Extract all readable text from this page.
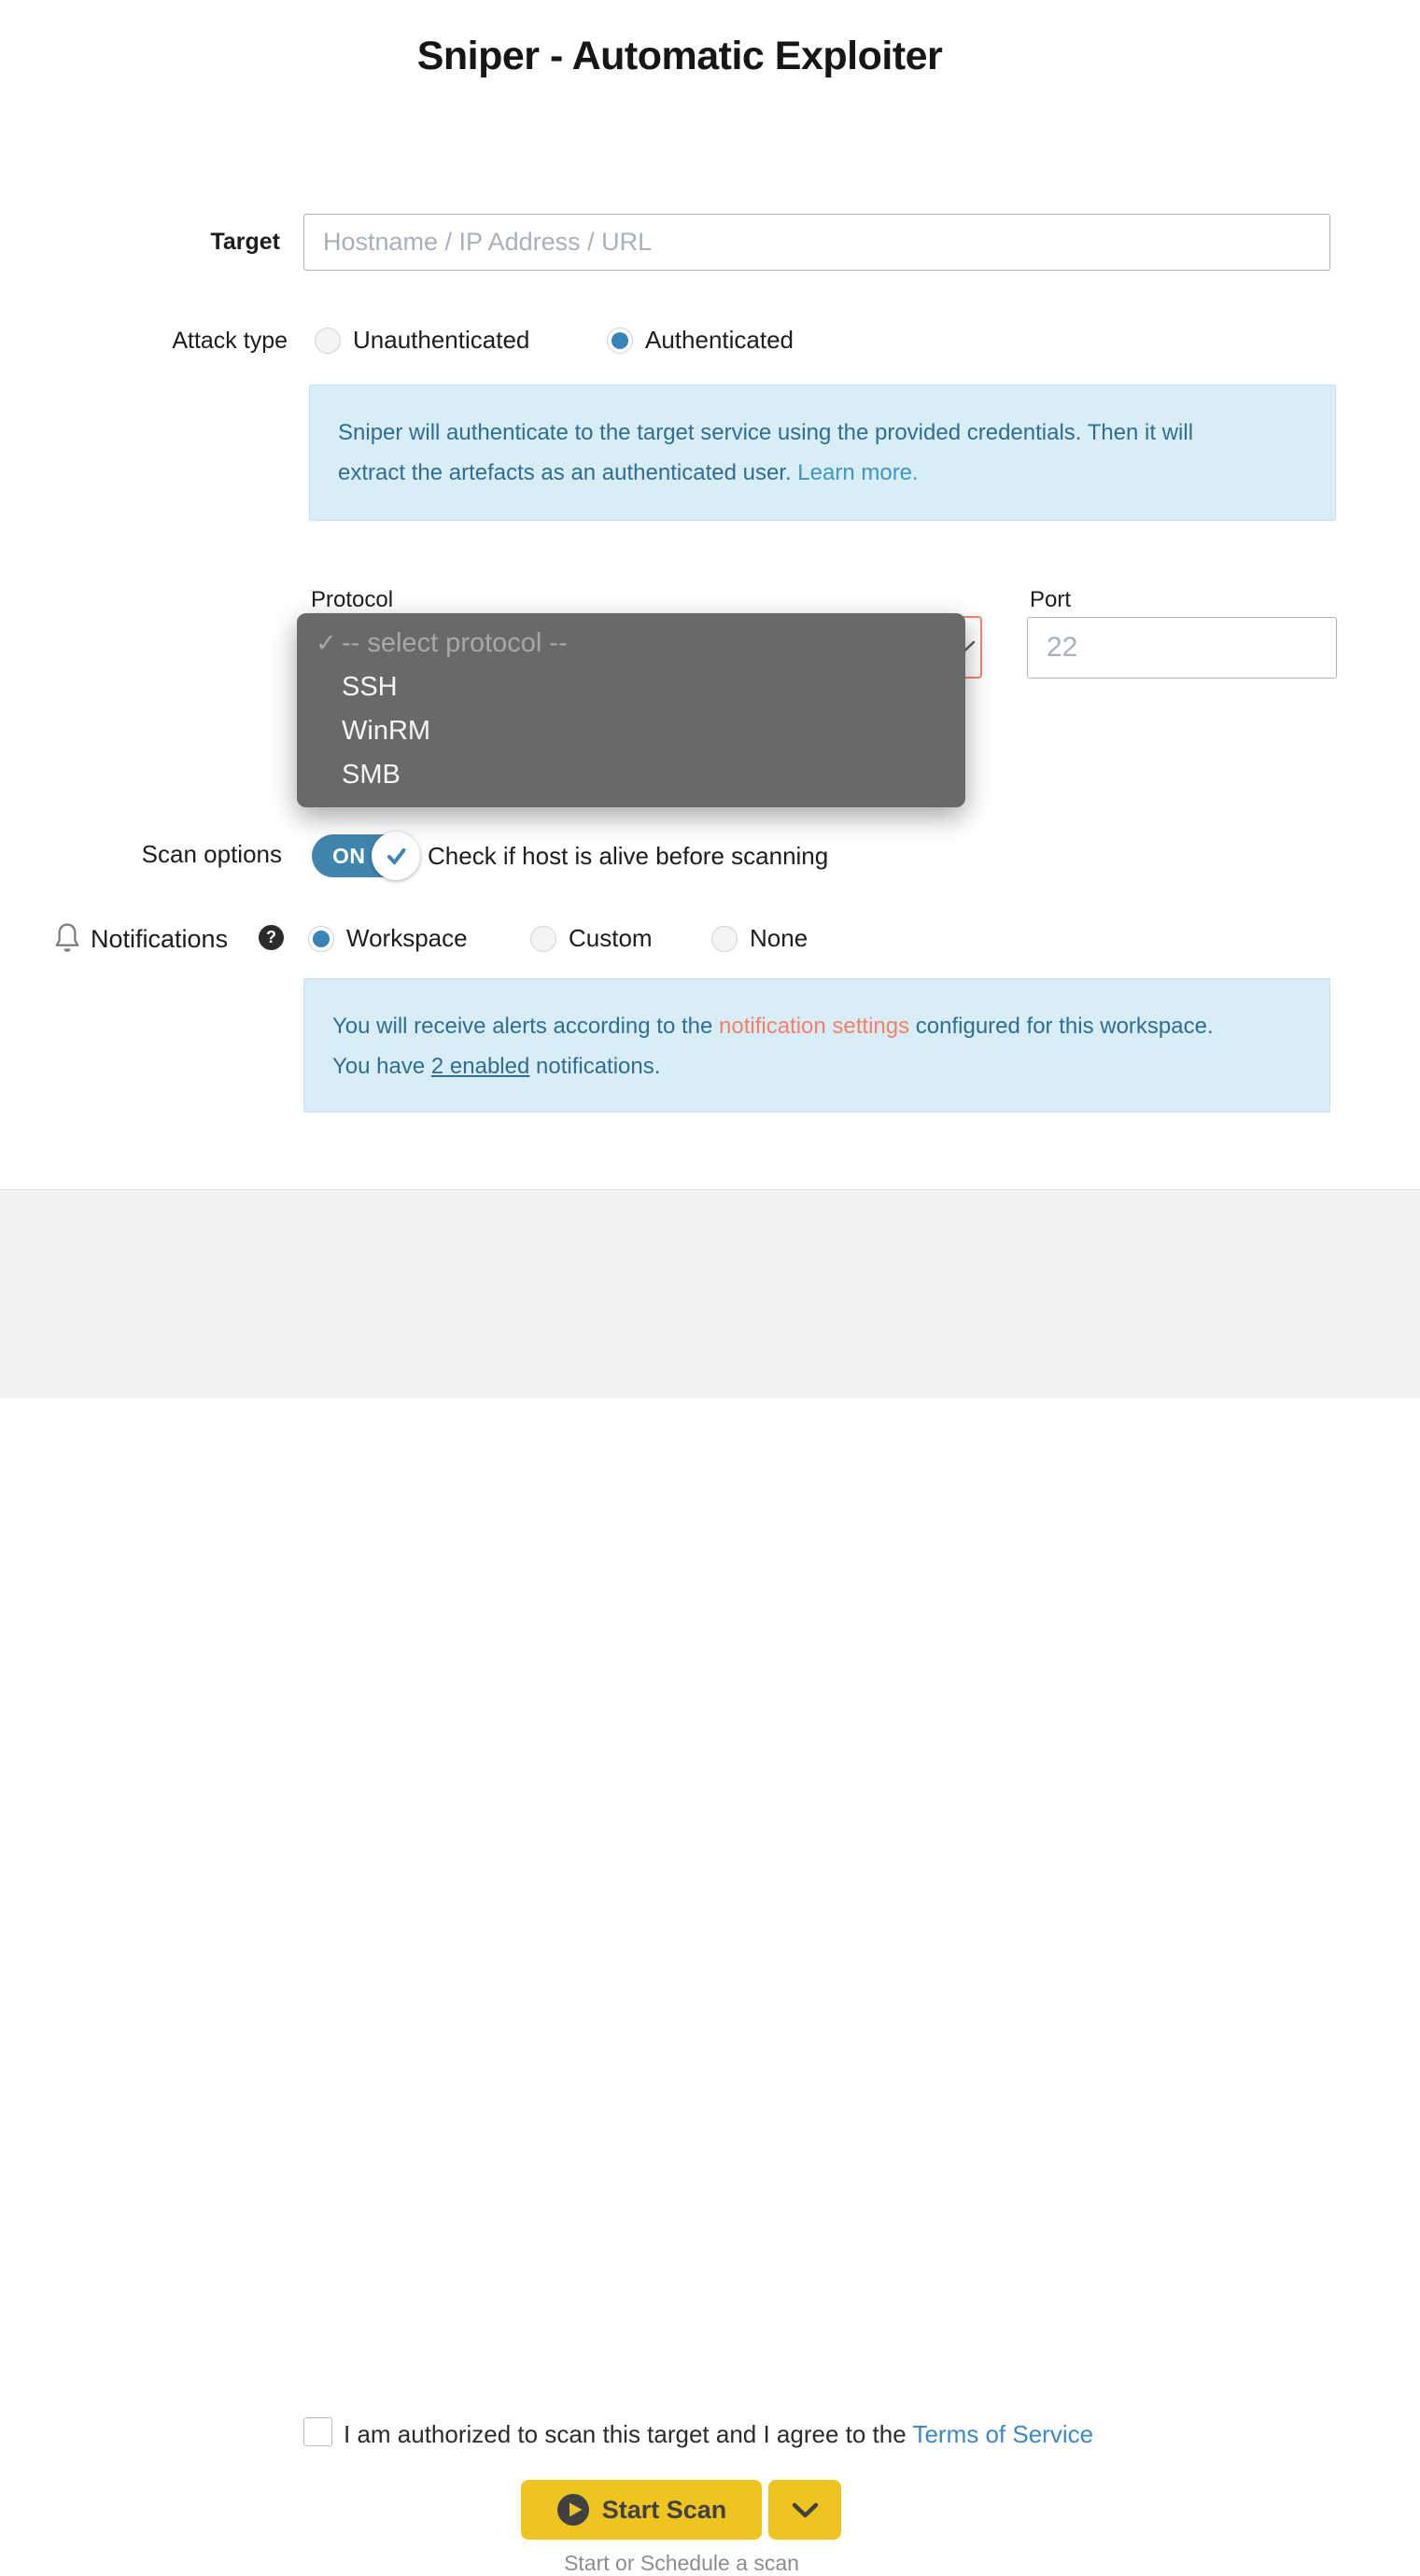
Sniper - Automatic Exploiter
Target
Hostname / IP Address / URL
Attack type	Unauthenticated	Authenticated
Sniper will authenticate to the target service using the provided credentials. Then it will
extract the artefacts as an authenticated user. Learn more.
Protocol	Port
22
✓ -- select protocol --
SSH
WinRM
SMB
Scan options ON	Check if host is alive before scanning
Notifications	?	Workspace	Custom	None
You will receive alerts according to the notification settings configured for this workspace.
You have 2 enabled notifications.
I am authorized to scan this target and I agree to the Terms of Service
Start Scan
Start or Schedule a scan
